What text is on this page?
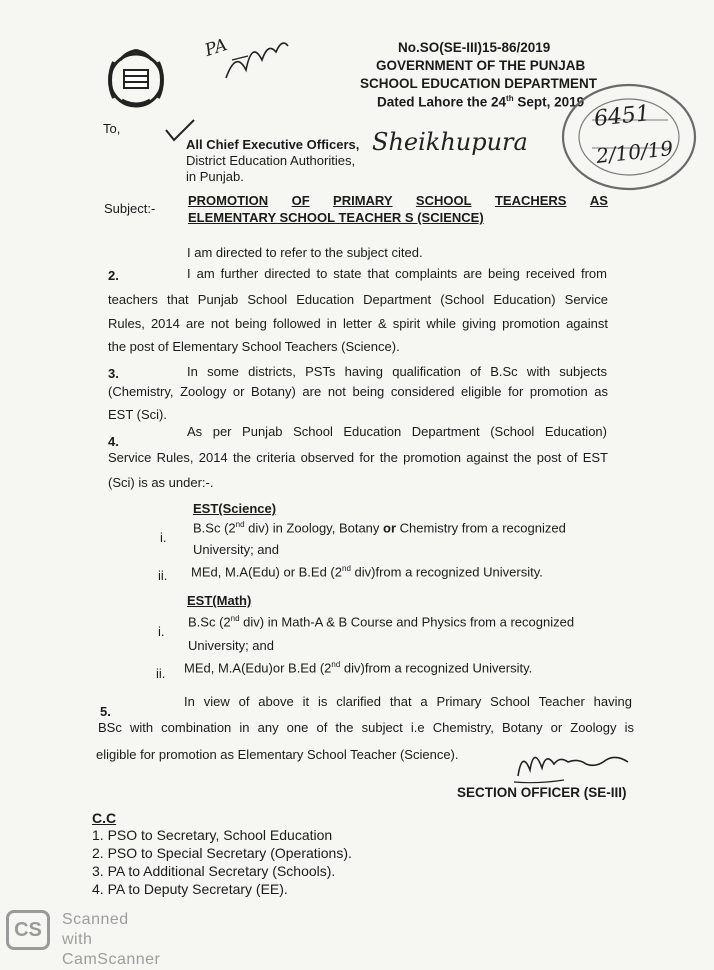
PA	No.SO(SE-III)15-86/2019
GOVERNMENT OF THE PUNJAB
SCHOOL EDUCATION DEPARTMENT
Dated Lahore the 24th Sept, 2019
To,
All Chief Executive Officers,
District Education Authorities,
in Punjab.
Sheikhupura
6451
2/10/19
Subject:-
PROMOTION OF PRIMARY SCHOOL TEACHERS AS
ELEMENTARY SCHOOL TEACHER S (SCIENCE)
I am directed to refer to the subject cited.
2.	I am further directed to state that complaints are being received from
teachers that Punjab School Education Department (School Education) Service
Rules, 2014 are not being followed in letter & spirit while giving promotion against
the post of Elementary School Teachers (Science).
3.	In some districts, PSTs having qualification of B.Sc with subjects
(Chemistry, Zoology or Botany) are not being considered eligible for promotion as
EST (Sci).
4.
As per Punjab School Education Department (School Education)
Service Rules, 2014 the criteria observed for the promotion against the post of EST
(Sci) is as under:-.
EST(Science)
i.
B.Sc (2nd div) in Zoology, Botany or Chemistry from a recognized
University; and
ii. MEd, M.A(Edu) or B.Ed (2nd div)from a recognized University.
EST(Math)
i.
B.Sc (2nd div) in Math-A & B Course and Physics from a recognized
University; and
ii. MEd, M.A(Edu)or B.Ed (2nd div)from a recognized University.
5.
In view of above it is clarified that a Primary School Teacher having
BSc with combination in any one of the subject i.e Chemistry, Botany or Zoology is
eligible for promotion as Elementary School Teacher (Science).
SECTION OFFICER (SE-III)
C.C
1. PSO to Secretary, School Education
2. PSO to Special Secretary (Operations).
3. PA to Additional Secretary (Schools).
4. PA to Deputy Secretary (EE).
CS	Scanned with
CamScanner
